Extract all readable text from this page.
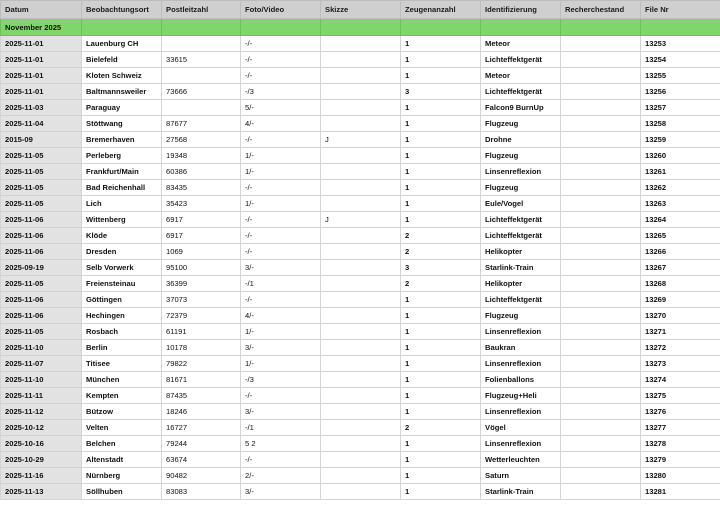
Datum	Beobachtungsort	Postleitzahl	Foto/Video	Skizze	Zeugenanzahl	Identifizierung	Recherchestand	File Nr
November 2025								
2025-11-01	Lauenburg CH		-/-		1	Meteor		13253
2025-11-01	Bielefeld	33615	-/-		1	Lichteffektgerät		13254
2025-11-01	Kloten Schweiz		-/-		1	Meteor		13255
2025-11-01	Baltmannsweiler	73666	-/3		3	Lichteffektgerät		13256
2025-11-03	Paraguay		5/-		1	Falcon9 BurnUp		13257
2025-11-04	Stöttwang	87677	4/-		1	Flugzeug		13258
2015-09	Bremerhaven	27568	-/-	J	1	Drohne		13259
2025-11-05	Perleberg	19348	1/-		1	Flugzeug		13260
2025-11-05	Frankfurt/Main	60386	1/-		1	Linsenreflexion		13261
2025-11-05	Bad Reichenhall	83435	-/-		1	Flugzeug		13262
2025-11-05	Lich	35423	1/-		1	Eule/Vogel		13263
2025-11-06	Wittenberg	6917	-/-	J	1	Lichteffektgerät		13264
2025-11-06	Klöde	6917	-/-		2	Lichteffektgerät		13265
2025-11-06	Dresden	1069	-/-		2	Helikopter		13266
2025-09-19	Selb Vorwerk	95100	3/-		3	Starlink-Train		13267
2025-11-05	Freiensteinau	36399	-/1		2	Helikopter		13268
2025-11-06	Göttingen	37073	-/-		1	Lichteffektgerät		13269
2025-11-06	Hechingen	72379	4/-		1	Flugzeug		13270
2025-11-05	Rosbach	61191	1/-		1	Linsenreflexion		13271
2025-11-10	Berlin	10178	3/-		1	Baukran		13272
2025-11-07	Titisee	79822	1/-		1	Linsenreflexion		13273
2025-11-10	München	81671	-/3		1	Folienballons		13274
2025-11-11	Kempten	87435	-/-		1	Flugzeug+Heli		13275
2025-11-12	Bützow	18246	3/-		1	Linsenreflexion		13276
2025-10-12	Velten	16727	-/1		2	Vögel		13277
2025-10-16	Belchen	79244	5 2		1	Linsenreflexion		13278
2025-10-29	Altenstadt	63674	-/-		1	Wetterleuchten		13279
2025-11-16	Nürnberg	90482	2/-		1	Saturn		13280
2025-11-13	Söllhuben	83083	3/-		1	Starlink-Train		13281
